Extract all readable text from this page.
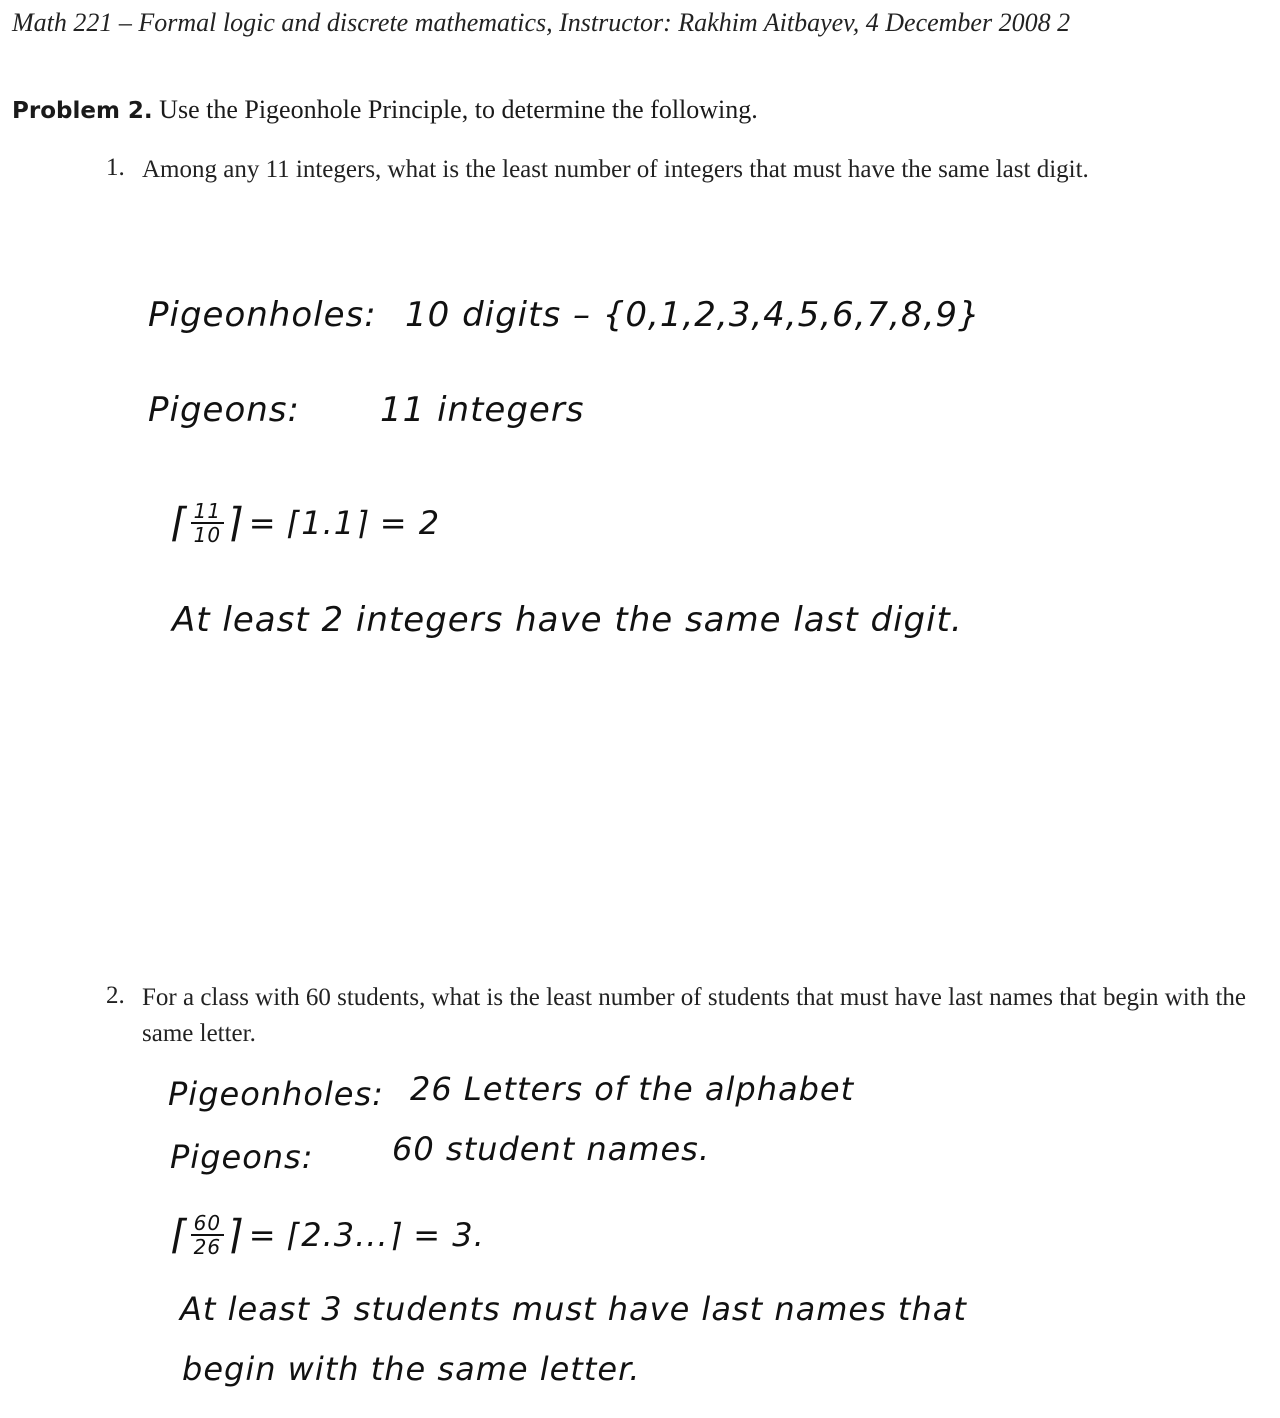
Math 221 – Formal logic and discrete mathematics, Instructor: Rakhim Aitbayev, 4 December 2008 2
Problem 2. Use the Pigeonhole Principle, to determine the following.
1. Among any 11 integers, what is the least number of integers that must have the same last digit.
Pigeonholes: 10 digits – {0,1,2,3,4,5,6,7,8,9}
Pigeons: 11 integers
⌈ $\frac{11}{10}$ ⌉ = ⌈1.1⌉ = 2
At least 2 integers have the same last digit.
2. For a class with 60 students, what is the least number of students that must have last names that begin with the same letter.
Pigeonholes: 26 Letters of the alphabet
Pigeons: 60 student names.
⌈ $\frac{60}{26}$ ⌉ = ⌈2.3...⌉ = 3.
At least 3 students must have last names that
begin with the same letter.
